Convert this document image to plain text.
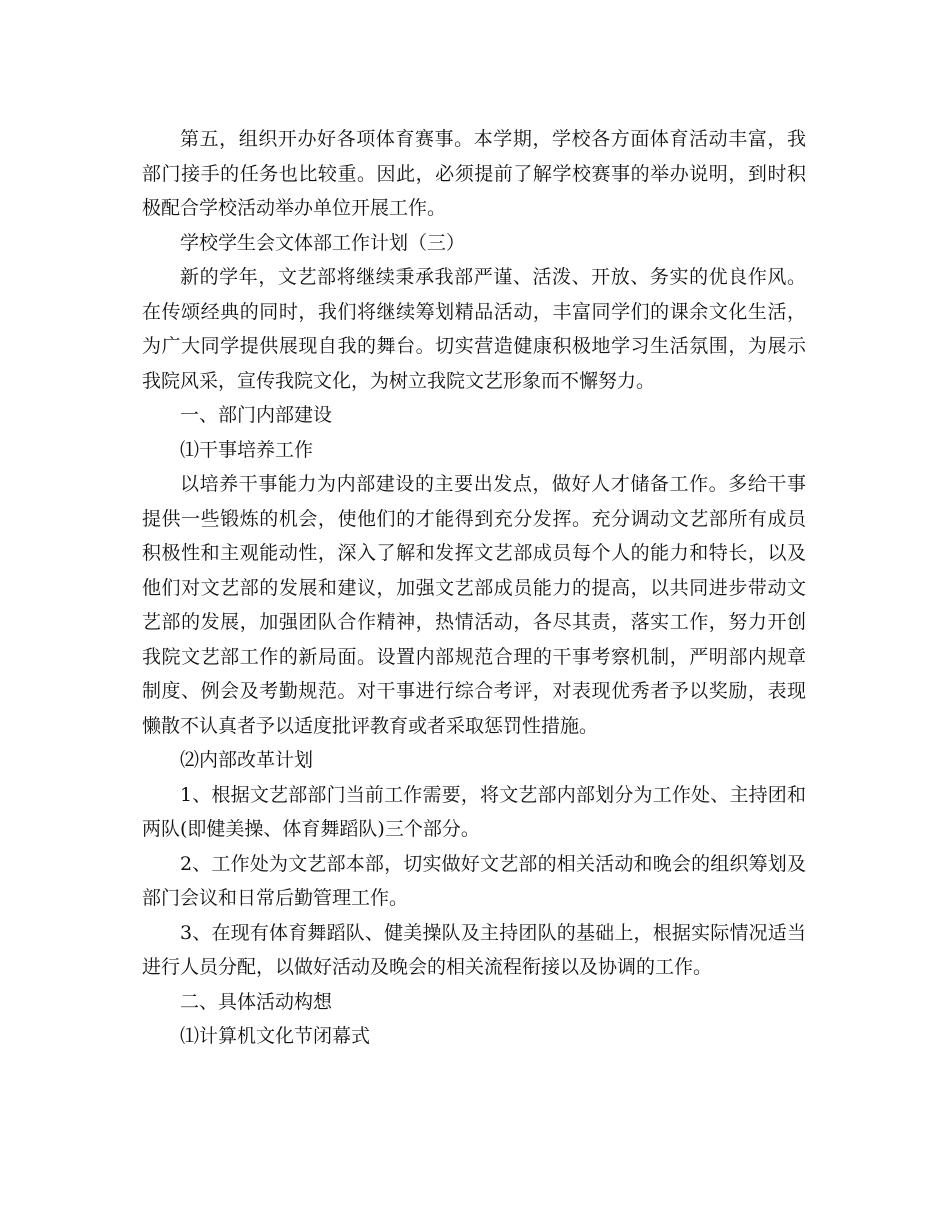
第五，组织开办好各项体育赛事。本学期，学校各方面体育活动丰富，我部门接手的任务也比较重。因此，必须提前了解学校赛事的举办说明，到时积极配合学校活动举办单位开展工作。

学校学生会文体部工作计划（三）

新的学年，文艺部将继续秉承我部严谨、活泼、开放、务实的优良作风。在传颂经典的同时，我们将继续筹划精品活动，丰富同学们的课余文化生活，为广大同学提供展现自我的舞台。切实营造健康积极地学习生活氛围，为展示我院风采，宣传我院文化，为树立我院文艺形象而不懈努力。

一、部门内部建设

⑴干事培养工作

以培养干事能力为内部建设的主要出发点，做好人才储备工作。多给干事提供一些锻炼的机会，使他们的才能得到充分发挥。充分调动文艺部所有成员积极性和主观能动性，深入了解和发挥文艺部成员每个人的能力和特长，以及他们对文艺部的发展和建议，加强文艺部成员能力的提高，以共同进步带动文艺部的发展，加强团队合作精神，热情活动，各尽其责，落实工作，努力开创我院文艺部工作的新局面。设置内部规范合理的干事考察机制，严明部内规章制度、例会及考勤规范。对干事进行综合考评，对表现优秀者予以奖励，表现懒散不认真者予以适度批评教育或者采取惩罚性措施。

⑵内部改革计划

1、根据文艺部部门当前工作需要，将文艺部内部划分为工作处、主持团和两队(即健美操、体育舞蹈队)三个部分。

2、工作处为文艺部本部，切实做好文艺部的相关活动和晚会的组织筹划及部门会议和日常后勤管理工作。

3、在现有体育舞蹈队、健美操队及主持团队的基础上，根据实际情况适当进行人员分配，以做好活动及晚会的相关流程衔接以及协调的工作。

二、具体活动构想

⑴计算机文化节闭幕式
